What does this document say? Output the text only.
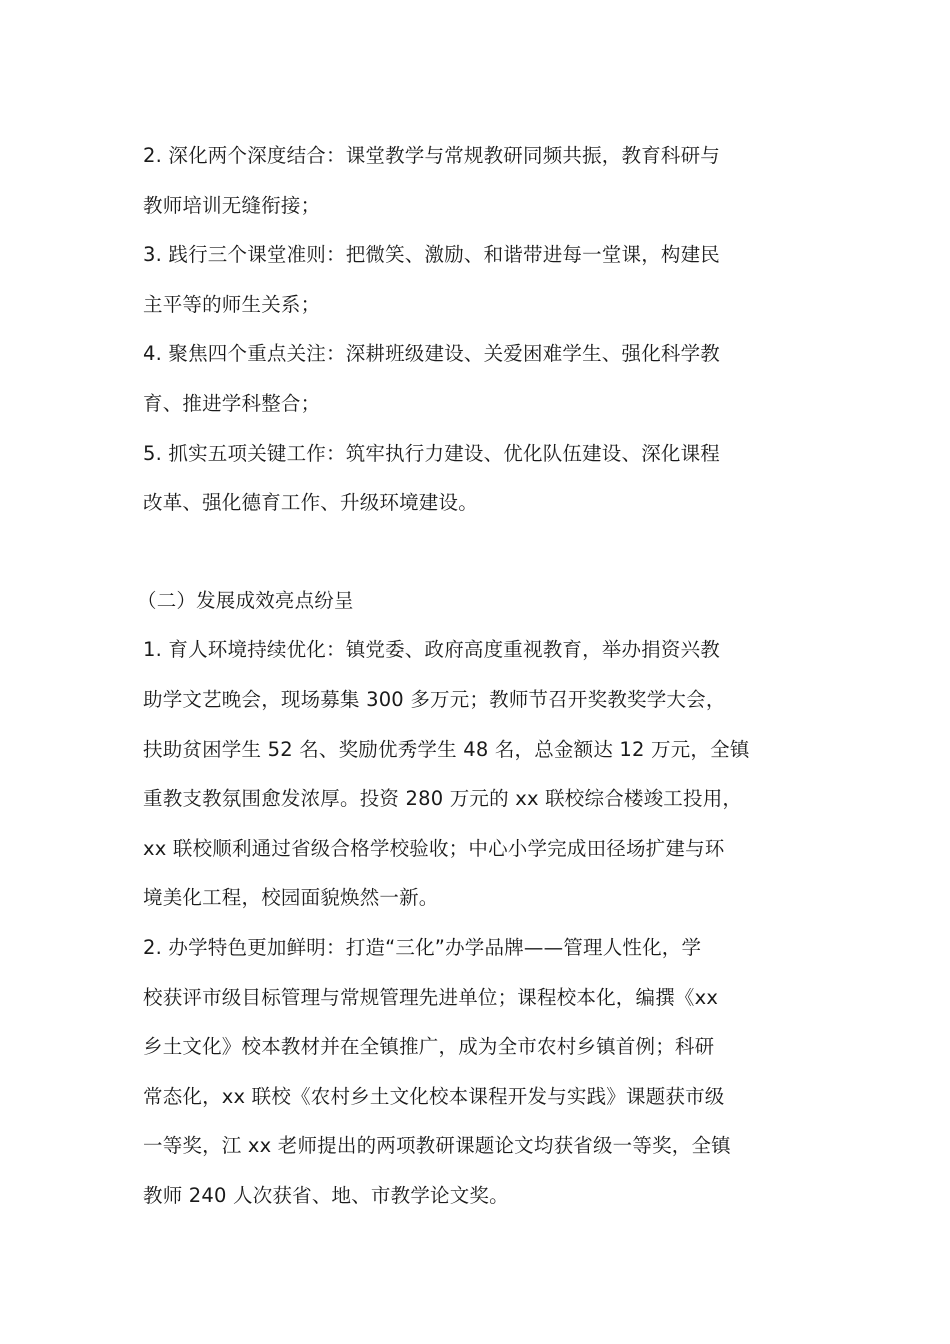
2. 深化两个深度结合：课堂教学与常规教研同频共振，教育科研与
教师培训无缝衔接；
3. 践行三个课堂准则：把微笑、激励、和谐带进每一堂课，构建民
主平等的师生关系；
4. 聚焦四个重点关注：深耕班级建设、关爱困难学生、强化科学教
育、推进学科整合；
5. 抓实五项关键工作：筑牢执行力建设、优化队伍建设、深化课程
改革、强化德育工作、升级环境建设。
（二）发展成效亮点纷呈
1. 育人环境持续优化：镇党委、政府高度重视教育，举办捐资兴教
助学文艺晚会，现场募集 300 多万元；教师节召开奖教奖学大会，
扶助贫困学生 52 名、奖励优秀学生 48 名，总金额达 12 万元，全镇
重教支教氛围愈发浓厚。投资 280 万元的 xx 联校综合楼竣工投用，
xx 联校顺利通过省级合格学校验收；中心小学完成田径场扩建与环
境美化工程，校园面貌焕然一新。
2. 办学特色更加鲜明：打造“三化”办学品牌——管理人性化，学
校获评市级目标管理与常规管理先进单位；课程校本化，编撰《xx
乡土文化》校本教材并在全镇推广，成为全市农村乡镇首例；科研
常态化，xx 联校《农村乡土文化校本课程开发与实践》课题获市级
一等奖，江 xx 老师提出的两项教研课题论文均获省级一等奖，全镇
教师 240 人次获省、地、市教学论文奖。
